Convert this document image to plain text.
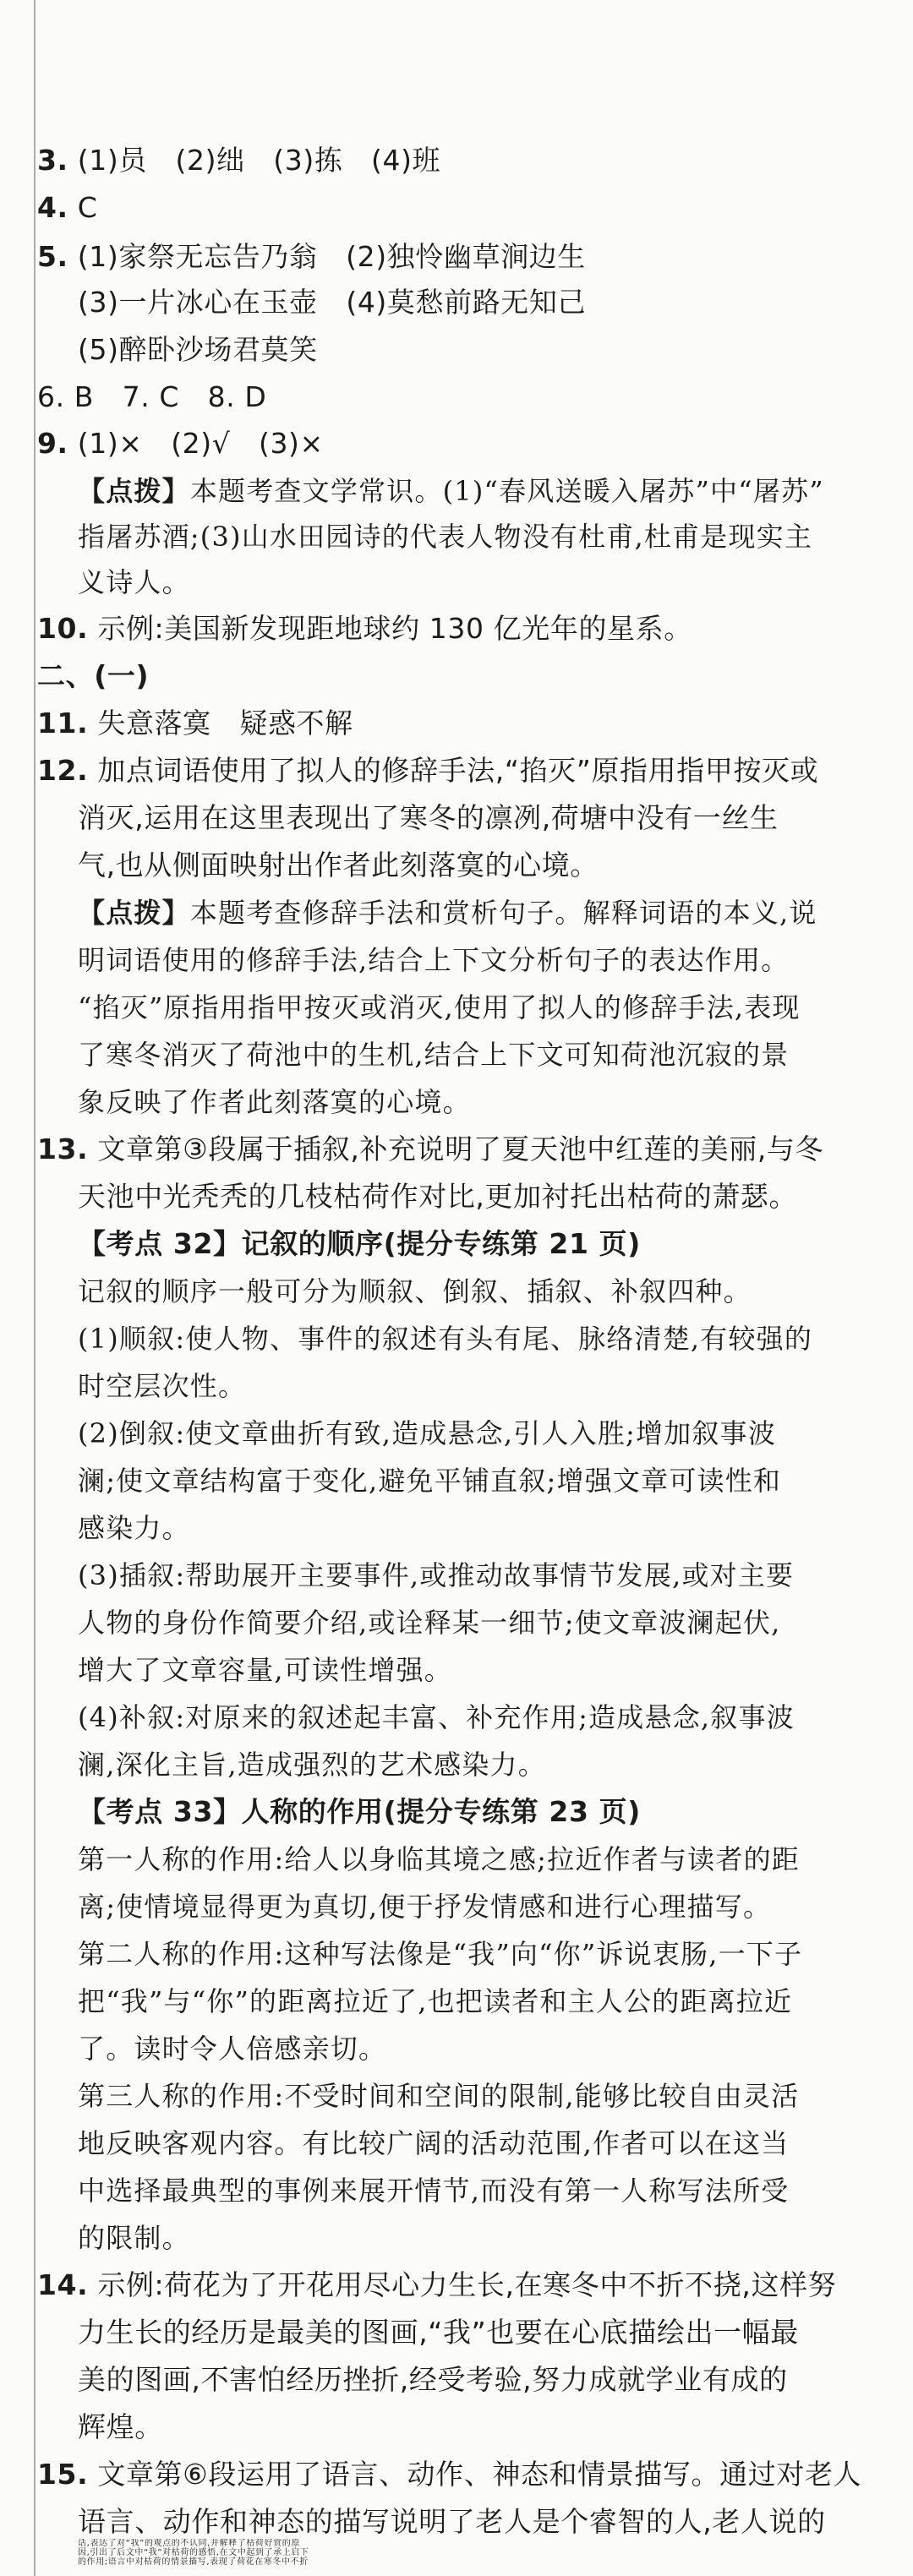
3. (1)员　(2)绌　(3)拣　(4)班
4. C
5. (1)家祭无忘告乃翁　(2)独怜幽草涧边生
(3)一片冰心在玉壶　(4)莫愁前路无知己
(5)醉卧沙场君莫笑
6. B　7. C　8. D
9. (1)×　(2)√　(3)×
【点拨】本题考查文学常识。(1)“春风送暖入屠苏”中“屠苏”
指屠苏酒;(3)山水田园诗的代表人物没有杜甫,杜甫是现实主
义诗人。
10. 示例:美国新发现距地球约 130 亿光年的星系。
二、(一)
11. 失意落寞　疑惑不解
12. 加点词语使用了拟人的修辞手法,“掐灭”原指用指甲按灭或
消灭,运用在这里表现出了寒冬的凛冽,荷塘中没有一丝生
气,也从侧面映射出作者此刻落寞的心境。
【点拨】本题考查修辞手法和赏析句子。解释词语的本义,说
明词语使用的修辞手法,结合上下文分析句子的表达作用。
“掐灭”原指用指甲按灭或消灭,使用了拟人的修辞手法,表现
了寒冬消灭了荷池中的生机,结合上下文可知荷池沉寂的景
象反映了作者此刻落寞的心境。
13. 文章第③段属于插叙,补充说明了夏天池中红莲的美丽,与冬
天池中光秃秃的几枝枯荷作对比,更加衬托出枯荷的萧瑟。
【考点 32】记叙的顺序(提分专练第 21 页)
记叙的顺序一般可分为顺叙、倒叙、插叙、补叙四种。
(1)顺叙:使人物、事件的叙述有头有尾、脉络清楚,有较强的
时空层次性。
(2)倒叙:使文章曲折有致,造成悬念,引人入胜;增加叙事波
澜;使文章结构富于变化,避免平铺直叙;增强文章可读性和
感染力。
(3)插叙:帮助展开主要事件,或推动故事情节发展,或对主要
人物的身份作简要介绍,或诠释某一细节;使文章波澜起伏,
增大了文章容量,可读性增强。
(4)补叙:对原来的叙述起丰富、补充作用;造成悬念,叙事波
澜,深化主旨,造成强烈的艺术感染力。
【考点 33】人称的作用(提分专练第 23 页)
第一人称的作用:给人以身临其境之感;拉近作者与读者的距
离;使情境显得更为真切,便于抒发情感和进行心理描写。
第二人称的作用:这种写法像是“我”向“你”诉说衷肠,一下子
把“我”与“你”的距离拉近了,也把读者和主人公的距离拉近
了。读时令人倍感亲切。
第三人称的作用:不受时间和空间的限制,能够比较自由灵活
地反映客观内容。有比较广阔的活动范围,作者可以在这当
中选择最典型的事例来展开情节,而没有第一人称写法所受
的限制。
14. 示例:荷花为了开花用尽心力生长,在寒冬中不折不挠,这样努
力生长的经历是最美的图画,“我”也要在心底描绘出一幅最
美的图画,不害怕经历挫折,经受考验,努力成就学业有成的
辉煌。
15. 文章第⑥段运用了语言、动作、神态和情景描写。通过对老人
语言、动作和神态的描写说明了老人是个睿智的人,老人说的
话,表达了对“我”的观点的不认同,并解释了枯荷好赏的原
因,引出了后文中“我”对枯荷的感悟,在文中起到了承上启下
的作用;语言中对枯荷的情景描写,表现了荷花在寒冬中不折
